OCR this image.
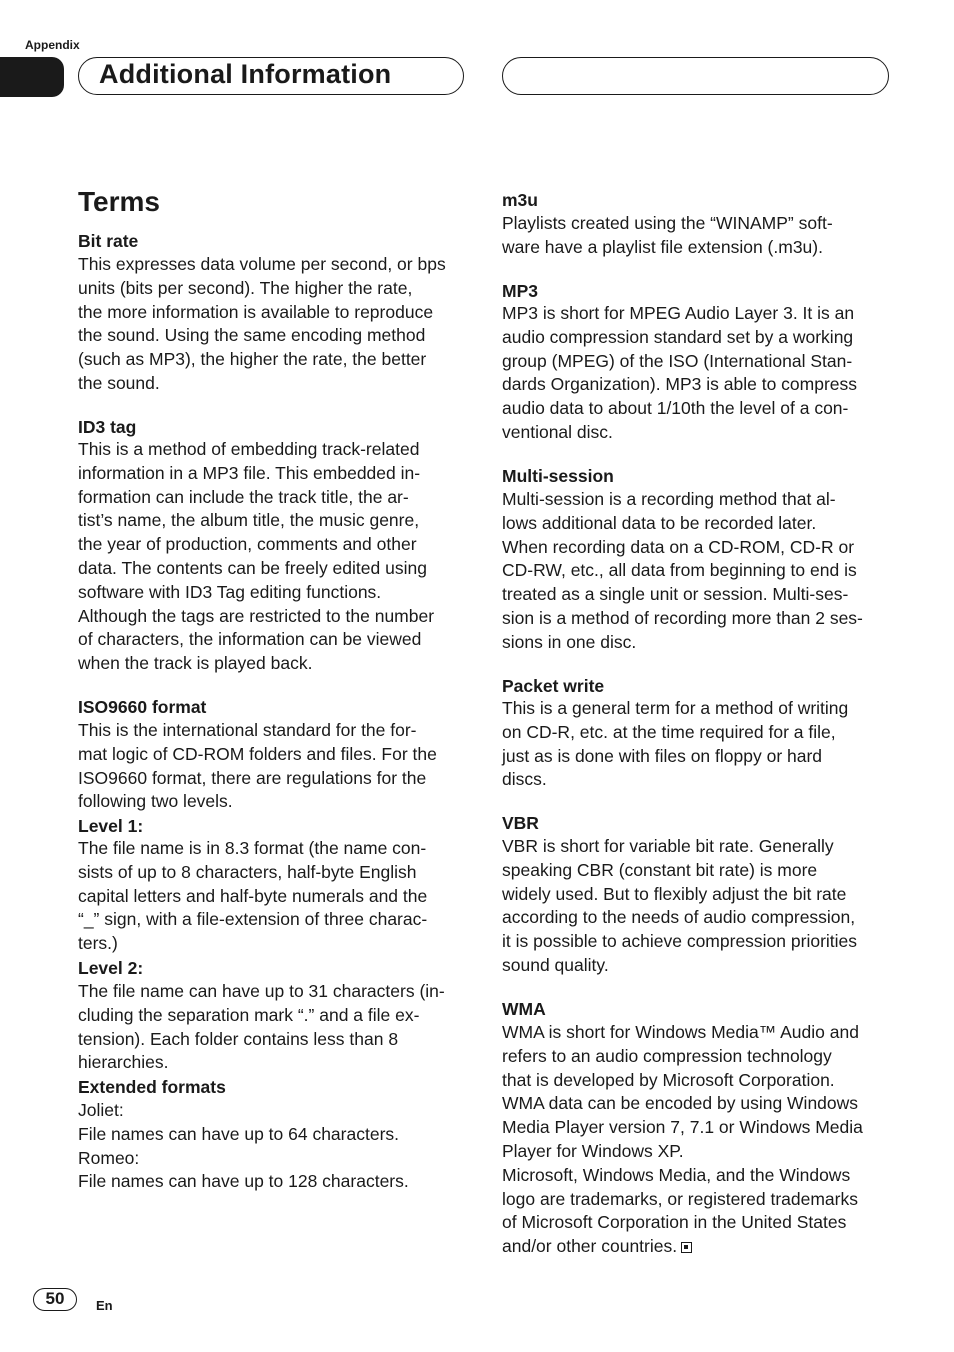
Appendix
Additional Information
Terms
Bit rate
This expresses data volume per second, or bps
units (bits per second). The higher the rate,
the more information is available to reproduce
the sound. Using the same encoding method
(such as MP3), the higher the rate, the better
the sound.
ID3 tag
This is a method of embedding track-related
information in a MP3 file. This embedded in-
formation can include the track title, the ar-
tist’s name, the album title, the music genre,
the year of production, comments and other
data. The contents can be freely edited using
software with ID3 Tag editing functions.
Although the tags are restricted to the number
of characters, the information can be viewed
when the track is played back.
ISO9660 format
This is the international standard for the for-
mat logic of CD-ROM folders and files. For the
ISO9660 format, there are regulations for the
following two levels.
Level 1:
The file name is in 8.3 format (the name con-
sists of up to 8 characters, half-byte English
capital letters and half-byte numerals and the
“_” sign, with a file-extension of three charac-
ters.)
Level 2:
The file name can have up to 31 characters (in-
cluding the separation mark “.” and a file ex-
tension). Each folder contains less than 8
hierarchies.
Extended formats
Joliet:
File names can have up to 64 characters.
Romeo:
File names can have up to 128 characters.
m3u
Playlists created using the “WINAMP” soft-
ware have a playlist file extension (.m3u).
MP3
MP3 is short for MPEG Audio Layer 3. It is an
audio compression standard set by a working
group (MPEG) of the ISO (International Stan-
dards Organization). MP3 is able to compress
audio data to about 1/10th the level of a con-
ventional disc.
Multi-session
Multi-session is a recording method that al-
lows additional data to be recorded later.
When recording data on a CD-ROM, CD-R or
CD-RW, etc., all data from beginning to end is
treated as a single unit or session. Multi-ses-
sion is a method of recording more than 2 ses-
sions in one disc.
Packet write
This is a general term for a method of writing
on CD-R, etc. at the time required for a file,
just as is done with files on floppy or hard
discs.
VBR
VBR is short for variable bit rate. Generally
speaking CBR (constant bit rate) is more
widely used. But to flexibly adjust the bit rate
according to the needs of audio compression,
it is possible to achieve compression priorities
sound quality.
WMA
WMA is short for Windows Media™ Audio and
refers to an audio compression technology
that is developed by Microsoft Corporation.
WMA data can be encoded by using Windows
Media Player version 7, 7.1 or Windows Media
Player for Windows XP.
Microsoft, Windows Media, and the Windows
logo are trademarks, or registered trademarks
of Microsoft Corporation in the United States
and/or other countries.
50	En
